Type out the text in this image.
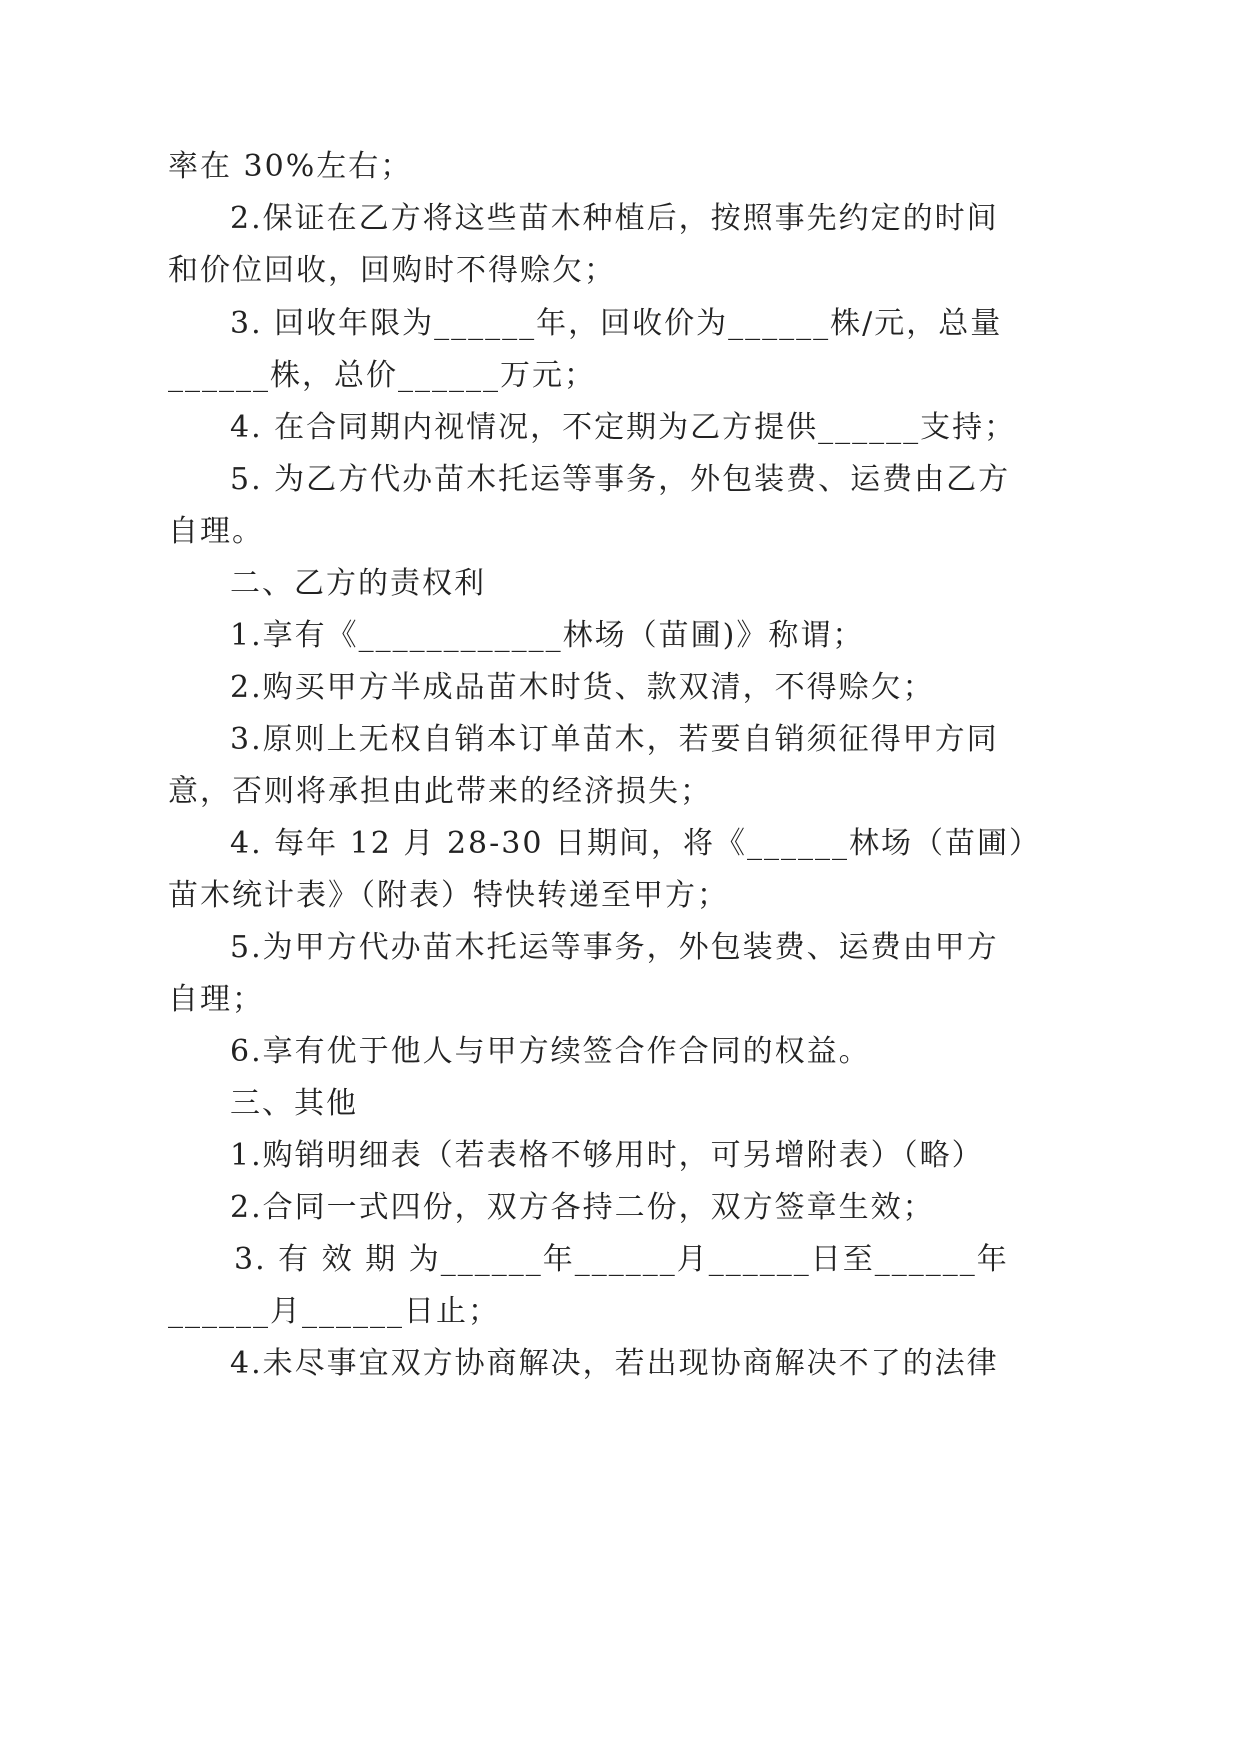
率在 30%左右；
2.保证在乙方将这些苗木种植后，按照事先约定的时间
和价位回收，回购时不得赊欠；
3. 回收年限为______年，回收价为______株/元，总量
______株，总价______万元；
4. 在合同期内视情况，不定期为乙方提供______支持；
5. 为乙方代办苗木托运等事务，外包装费、运费由乙方
自理。
二、乙方的责权利
1.享有《____________林场（苗圃)》称谓；
2.购买甲方半成品苗木时货、款双清，不得赊欠；
3.原则上无权自销本订单苗木，若要自销须征得甲方同
意，否则将承担由此带来的经济损失；
4. 每年 12 月 28-30 日期间，将《______林场（苗圃）
苗木统计表》（附表）特快转递至甲方；
5.为甲方代办苗木托运等事务，外包装费、运费由甲方
自理；
6.享有优于他人与甲方续签合作合同的权益。
三、其他
1.购销明细表（若表格不够用时，可另增附表）（略）
2.合同一式四份，双方各持二份，双方签章生效；
3. 有 效 期 为______年______月______日至______年
______月______日止；
4.未尽事宜双方协商解决，若出现协商解决不了的法律
